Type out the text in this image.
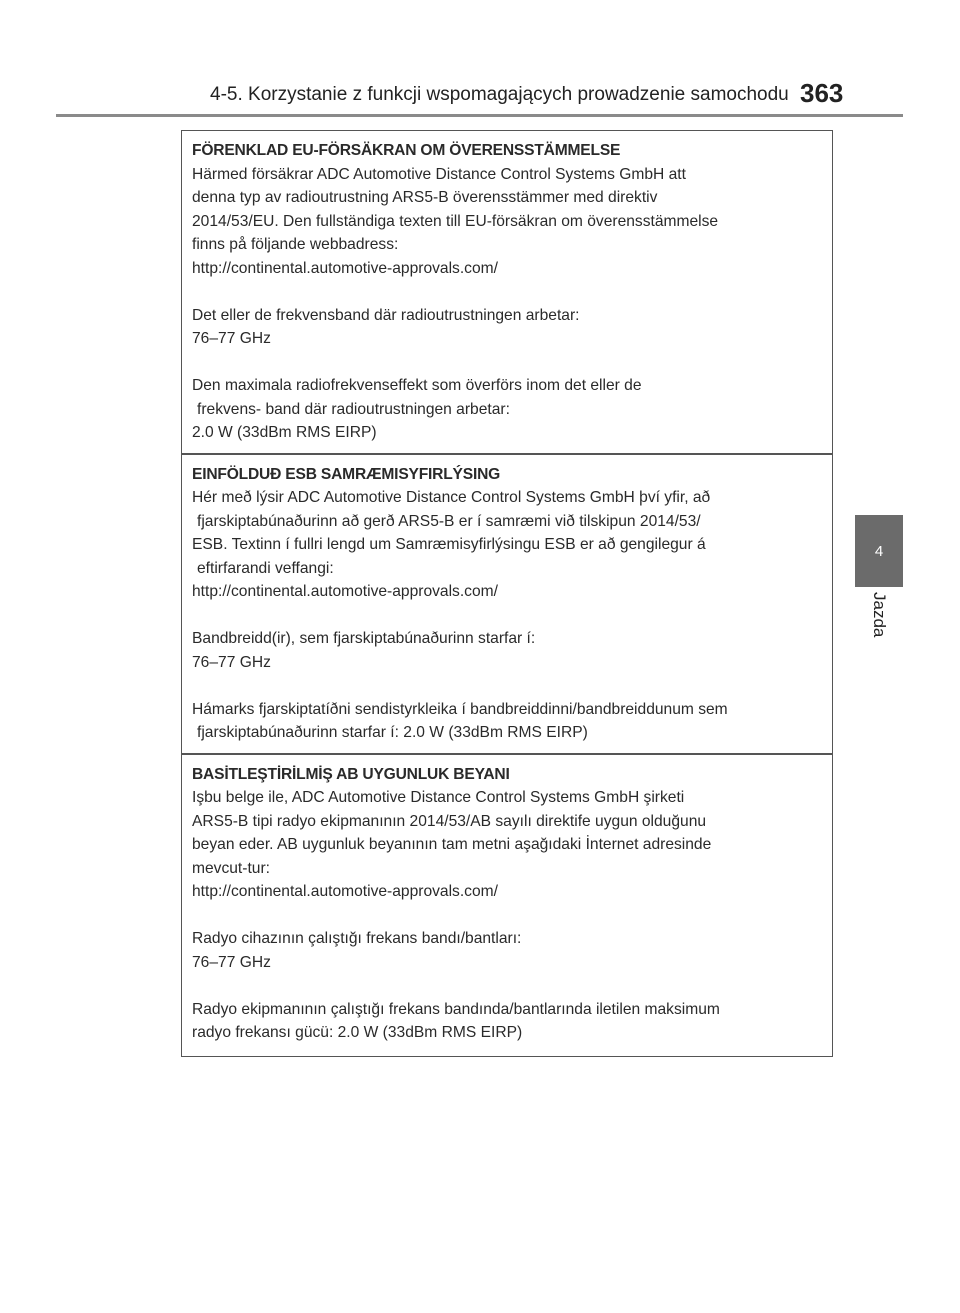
4-5. Korzystanie z funkcji wspomagających prowadzenie samochodu 363
4
Jazda
FÖRENKLAD EU-FÖRSÄKRAN OM ÖVERENSSTÄMMELSE
Härmed försäkrar ADC Automotive Distance Control Systems GmbH att
denna typ av radioutrustning ARS5-B överensstämmer med direktiv
2014/53/EU. Den fullständiga texten till EU-försäkran om överensstämmelse
finns på följande webbadress:
http://continental.automotive-approvals.com/
Det eller de frekvensband där radioutrustningen arbetar:
76–77 GHz
Den maximala radiofrekvenseffekt som överförs inom det eller de
frekvens- band där radioutrustningen arbetar:
2.0 W (33dBm RMS EIRP)
EINFÖLDUÐ ESB SAMRÆMISYFIRLÝSING
Hér með lýsir ADC Automotive Distance Control Systems GmbH því yfir, að
fjarskiptabúnaðurinn að gerð ARS5-B er í samræmi við tilskipun 2014/53/
ESB. Textinn í fullri lengd um Samræmisyfirlýsingu ESB er að gengilegur á
eftirfarandi veffangi:
http://continental.automotive-approvals.com/
Bandbreidd(ir), sem fjarskiptabúnaðurinn starfar í:
76–77 GHz
Hámarks fjarskiptatíðni sendistyrkleika í bandbreiddinni/bandbreiddunum sem
fjarskiptabúnaðurinn starfar í: 2.0 W (33dBm RMS EIRP)
BASİTLEŞTİRİLMİŞ AB UYGUNLUK BEYANI
Işbu belge ile, ADC Automotive Distance Control Systems GmbH şirketi
ARS5-B tipi radyo ekipmanının 2014/53/AB sayılı direktife uygun olduğunu
beyan eder. AB uygunluk beyanının tam metni aşağıdaki İnternet adresinde
mevcut-tur:
http://continental.automotive-approvals.com/
Radyo cihazının çalıştığı frekans bandı/bantları:
76–77 GHz
Radyo ekipmanının çalıştığı frekans bandında/bantlarında iletilen maksimum
radyo frekansı gücü: 2.0 W (33dBm RMS EIRP)
